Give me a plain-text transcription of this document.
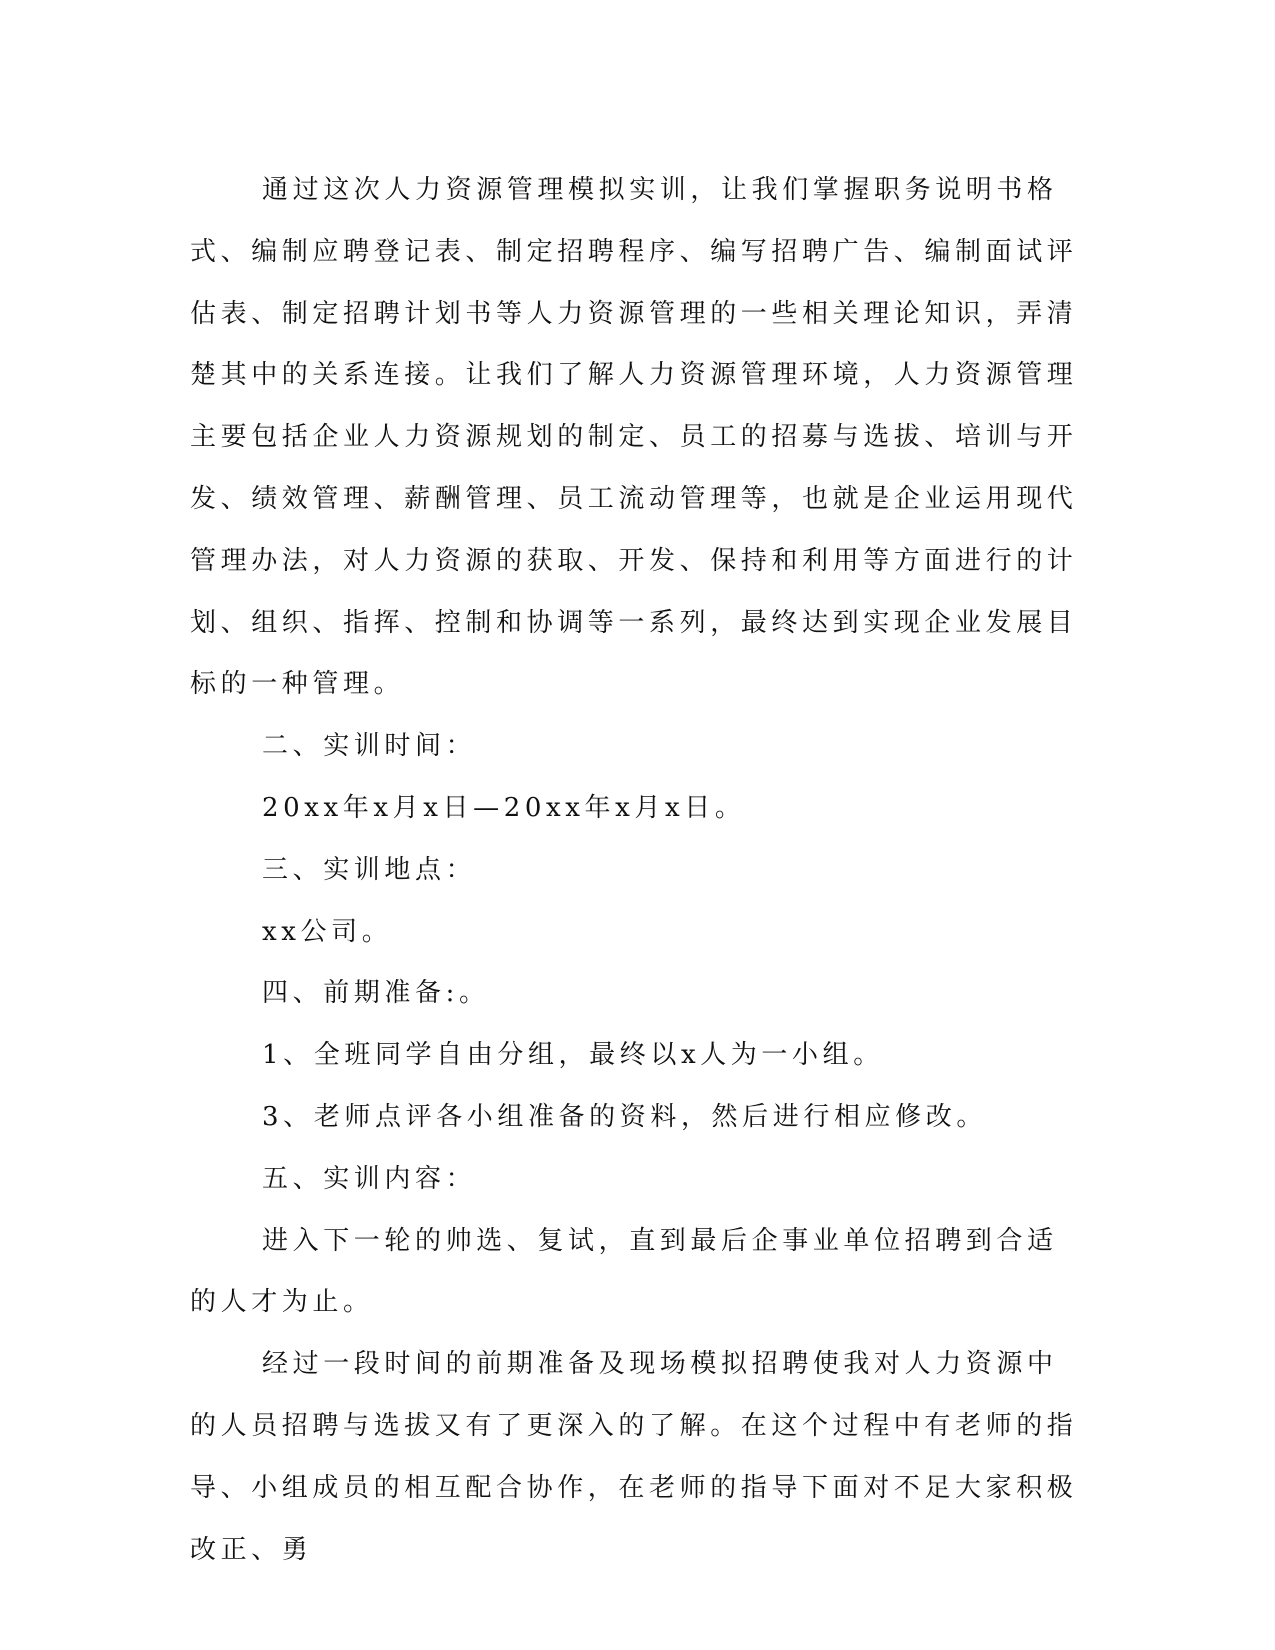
通过这次人力资源管理模拟实训，让我们掌握职务说明书格式、编制应聘登记表、制定招聘程序、编写招聘广告、编制面试评估表、制定招聘计划书等人力资源管理的一些相关理论知识，弄清楚其中的关系连接。让我们了解人力资源管理环境，人力资源管理主要包括企业人力资源规划的制定、员工的招募与选拔、培训与开发、绩效管理、薪酬管理、员工流动管理等，也就是企业运用现代管理办法，对人力资源的获取、开发、保持和利用等方面进行的计划、组织、指挥、控制和协调等一系列，最终达到实现企业发展目标的一种管理。

二、实训时间：

20xx年x月x日—20xx年x月x日。

三、实训地点：

xx公司。

四、前期准备:。

1、全班同学自由分组，最终以x人为一小组。

3、老师点评各小组准备的资料，然后进行相应修改。

五、实训内容：

进入下一轮的帅选、复试，直到最后企事业单位招聘到合适的人才为止。

经过一段时间的前期准备及现场模拟招聘使我对人力资源中的人员招聘与选拔又有了更深入的了解。在这个过程中有老师的指导、小组成员的相互配合协作，在老师的指导下面对不足大家积极改正、勇
